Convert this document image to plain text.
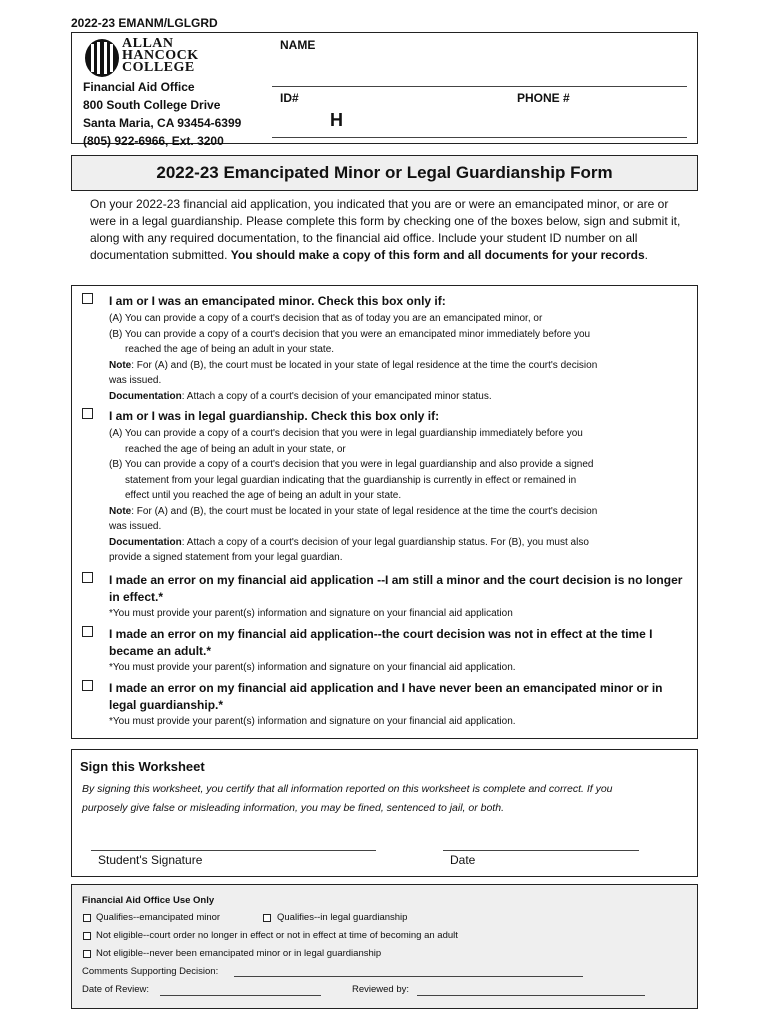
2022-23 EMANM/LGLGRD
ALLAN
HANCOCK
COLLEGE
Financial Aid Office
800 South College Drive
Santa Maria, CA 93454-6399
(805) 922-6966, Ext. 3200
NAME
ID#
H
PHONE #
2022-23 Emancipated Minor or Legal Guardianship Form
On your 2022-23 financial aid application, you indicated that you are or were an emancipated minor, or are or were in a legal guardianship. Please complete this form by checking one of the boxes below, sign and submit it, along with any required documentation, to the financial aid office. Include your student ID number on all documentation submitted. You should make a copy of this form and all documents for your records.
I am or I was an emancipated minor. Check this box only if:
(A) You can provide a copy of a court's decision that as of today you are an emancipated minor, or
(B) You can provide a copy of a court's decision that you were an emancipated minor immediately before you
reached the age of being an adult in your state.
Note: For (A) and (B), the court must be located in your state of legal residence at the time the court's decision
was issued.
Documentation: Attach a copy of a court's decision of your emancipated minor status.
I am or I was in legal guardianship. Check this box only if:
(A) You can provide a copy of a court's decision that you were in legal guardianship immediately before you
reached the age of being an adult in your state, or
(B) You can provide a copy of a court's decision that you were in legal guardianship and also provide a signed
statement from your legal guardian indicating that the guardianship is currently in effect or remained in
effect until you reached the age of being an adult in your state.
Note: For (A) and (B), the court must be located in your state of legal residence at the time the court's decision
was issued.
Documentation: Attach a copy of a court's decision of your legal guardianship status. For (B), you must also
provide a signed statement from your legal guardian.
I made an error on my financial aid application --I am still a minor and the court decision is no longer
in effect.*
*You must provide your parent(s) information and signature on your financial aid application
I made an error on my financial aid application--the court decision was not in effect at the time I
became an adult.*
*You must provide your parent(s) information and signature on your financial aid application.
I made an error on my financial aid application and I have never been an emancipated minor or in
legal guardianship.*
*You must provide your parent(s) information and signature on your financial aid application.
Sign this Worksheet
By signing this worksheet, you certify that all information reported on this worksheet is complete and correct. If you
purposely give false or misleading information, you may be fined, sentenced to jail, or both.
Student's Signature	Date
Financial Aid Office Use Only
Qualifies--emancipated minor	Qualifies--in legal guardianship
Not eligible--court order no longer in effect or not in effect at time of becoming an adult
Not eligible--never been emancipated minor or in legal guardianship
Comments Supporting Decision:
Date of Review:	Reviewed by:
